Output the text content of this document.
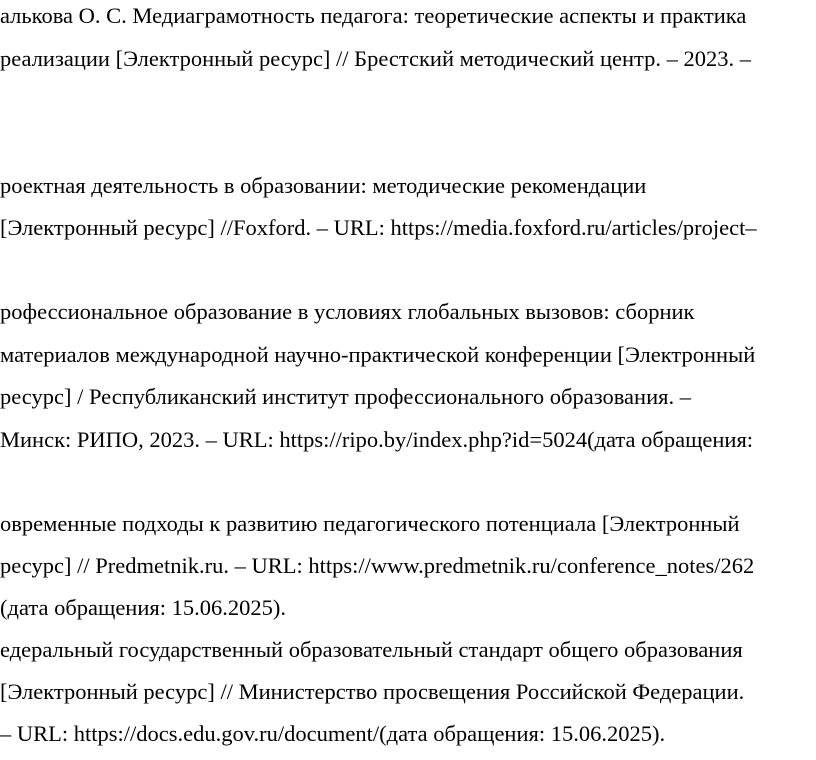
алькова О. С. Медиаграмотность педагога: теоретические аспекты и практика
реализации [Электронный ресурс] // Брестский методический центр. – 2023. –
роектная деятельность в образовании: методические рекомендации
[Электронный ресурс] //Foxford. – URL: https://media.foxford.ru/articles/project–
рофессиональное образование в условиях глобальных вызовов: сборник
материалов международной научно-практической конференции [Электронный
ресурс] / Республиканский институт профессионального образования. –
Минск: РИПО, 2023. – URL: https://ripo.by/index.php?id=5024(дата обращения:
овременные подходы к развитию педагогического потенциала [Электронный
ресурс] // Predmetnik.ru. – URL: https://www.predmetnik.ru/conference_notes/262
(дата обращения: 15.06.2025).
едеральный государственный образовательный стандарт общего образования
[Электронный ресурс] // Министерство просвещения Российской Федерации.
– URL: https://docs.edu.gov.ru/document/(дата обращения: 15.06.2025).
